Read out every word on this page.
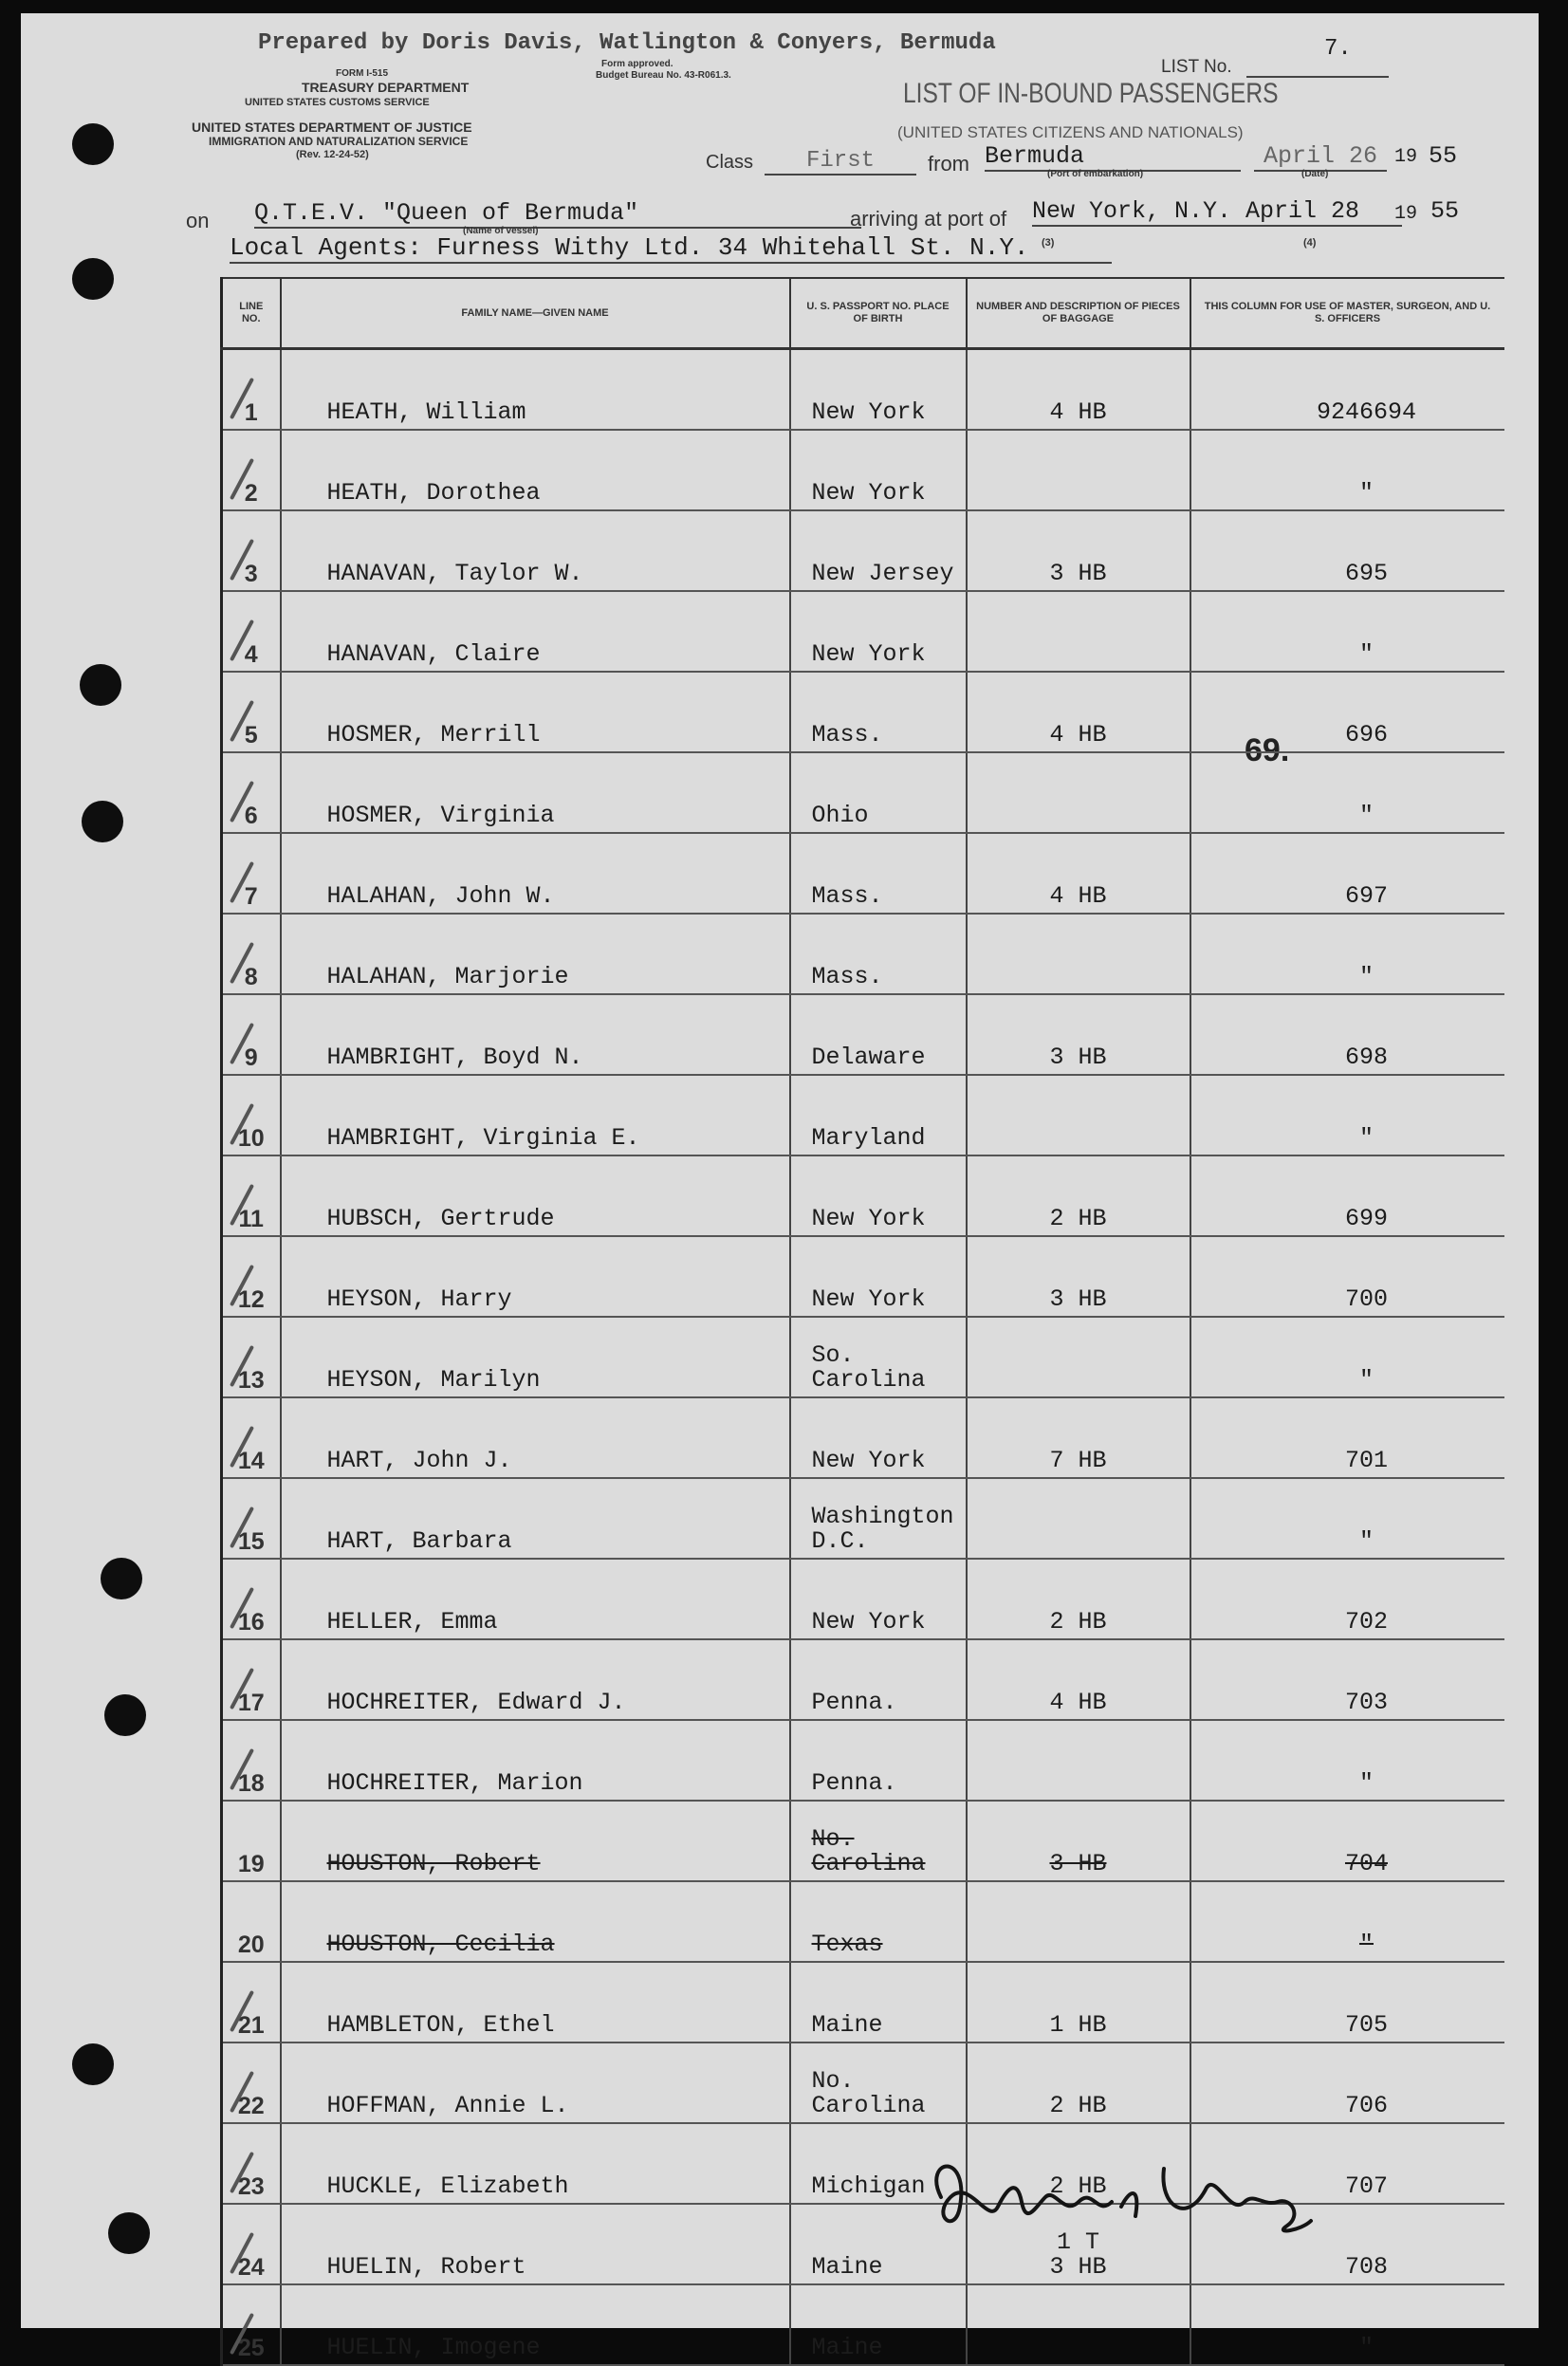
Prepared by Doris Davis, Watlington & Conyers, Bermuda
FORM I-515
TREASURY DEPARTMENT
UNITED STATES CUSTOMS SERVICE
Form approved.
Budget Bureau No. 43-R061.3.	LIST No.
7.
UNITED STATES DEPARTMENT OF JUSTICE
IMMIGRATION AND NATURALIZATION SERVICE
(Rev. 12-24-52)
LIST OF IN-BOUND PASSENGERS
(UNITED STATES CITIZENS AND NATIONALS)
Class	First	from Bermuda
(Port of embarkation)
April 26 19 55
(Date)
on Q.T.E.V. "Queen of Bermuda"
(Name of vessel)
arriving at port of New York, N.Y. April 28	19 55
Local Agents: Furness Withy Ltd. 34 Whitehall St. N.Y.	(3)	(4)
69.
LINE NO.	FAMILY NAME—GIVEN NAME	U. S. PASSPORT NO. PLACE OF BIRTH	NUMBER AND DESCRIPTION OF PIECES OF BAGGAGE	THIS COLUMN FOR USE OF MASTER, SURGEON, AND U. S. OFFICERS
1	HEATH, William	New York	4 HB	9246694
2	HEATH, Dorothea	New York		"
3	HANAVAN, Taylor W.	New Jersey	3 HB	695
4	HANAVAN, Claire	New York		"
5	HOSMER, Merrill	Mass.	4 HB	696
6	HOSMER, Virginia	Ohio		"
7	HALAHAN, John W.	Mass.	4 HB	697
8	HALAHAN, Marjorie	Mass.		"
9	HAMBRIGHT, Boyd N.	Delaware	3 HB	698
10	HAMBRIGHT, Virginia E.	Maryland		"
11	HUBSCH, Gertrude	New York	2 HB	699
12	HEYSON, Harry	New York	3 HB	700
13	HEYSON, Marilyn	So.
Carolina		"
14	HART, John J.	New York	7 HB	701
15	HART, Barbara	Washington
D.C.		"
16	HELLER, Emma	New York	2 HB	702
17	HOCHREITER, Edward J.	Penna.	4 HB	703
18	HOCHREITER, Marion	Penna.		"
19	HOUSTON, Robert	No.
Carolina	3 HB	704
20	HOUSTON, Cecilia	Texas		"
21	HAMBLETON, Ethel	Maine	1 HB	705
22	HOFFMAN, Annie L.	No.
Carolina	2 HB	706
23	HUCKLE, Elizabeth	Michigan	2 HB	707
24	HUELIN, Robert	Maine	1 T
3 HB	708
25	HUELIN, Imogene	Maine		"
